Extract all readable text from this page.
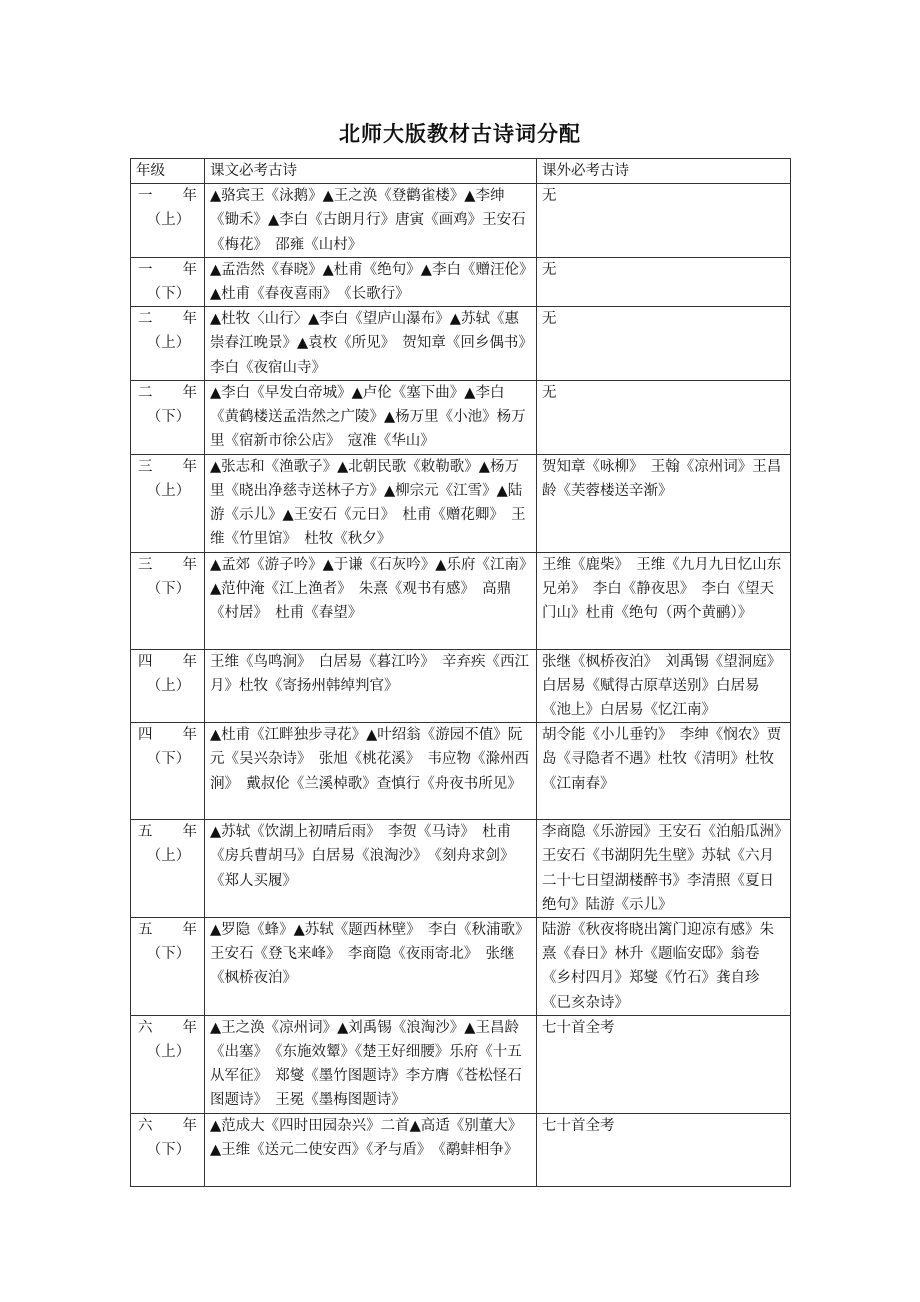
北师大版教材古诗词分配
年级	课文必考古诗	课外必考古诗

一　年
（上）	▲骆宾王《泳鹅》▲王之涣《登鹳雀楼》▲李绅《锄禾》▲李白《古朗月行》唐寅《画鸡》王安石《梅花》　邵雍《山村》	无

一　年
（下）	▲孟浩然《春晓》▲杜甫《绝句》▲李白《赠汪伦》▲杜甫《春夜喜雨》　《长歌行》	无

二　年
（上）	▲杜牧〈山行〉▲李白《望庐山瀑布》▲苏轼《惠崇春江晚景》▲袁枚《所见》　贺知章《回乡偶书》　李白《夜宿山寺》	无

二　年
（下）	▲李白《早发白帝城》▲卢伦《塞下曲》▲李白《黄鹤楼送孟浩然之广陵》▲杨万里《小池》杨万里《宿新市徐公店》　寇准《华山》	无

三　年
（上）	▲张志和《渔歌子》▲北朝民歌《敕勒歌》▲杨万里《晓出净慈寺送林子方》▲柳宗元《江雪》▲陆游《示儿》▲王安石《元日》　杜甫《赠花卿》　王维《竹里馆》　杜牧《秋夕》	贺知章《咏柳》　王翰《凉州词》王昌龄《芙蓉楼送辛渐》

三　年
（下）	▲孟郊《游子吟》▲于谦《石灰吟》▲乐府《江南》▲范仲淹《江上渔者》　朱熹《观书有感》　高鼎《村居》　杜甫《春望》	王维《鹿柴》　王维《九月九日忆山东兄弟》　李白《静夜思》　李白《望天门山》杜甫《绝句（两个黄鹂）》

四　年
（上）	王维《鸟鸣涧》　白居易《暮江吟》　辛弃疾《西江月》杜牧《寄扬州韩绰判官》	张继《枫桥夜泊》　刘禹锡《望洞庭》　白居易《赋得古原草送别》白居易《池上》白居易《忆江南》

四　年
（下）	▲杜甫《江畔独步寻花》▲叶绍翁《游园不值》阮元《吴兴杂诗》　张旭《桃花溪》　韦应物《滁州西涧》　戴叔伦《兰溪棹歌》查慎行《舟夜书所见》	胡令能《小儿垂钓》　李绅《悯农》贾岛《寻隐者不遇》杜牧《清明》杜牧《江南春》

五　年
（上）	▲苏轼《饮湖上初晴后雨》　李贺《马诗》　杜甫《房兵曹胡马》白居易《浪淘沙》　《刻舟求剑》　《郑人买履》	李商隐《乐游园》王安石《泊船瓜洲》王安石《书湖阴先生壁》苏轼《六月二十七日望湖楼醉书》李清照《夏日绝句》陆游《示儿》

五　年
（下）	▲罗隐《蜂》▲苏轼《题西林壁》　李白《秋浦歌》　王安石《登飞来峰》　李商隐《夜雨寄北》　张继《枫桥夜泊》	陆游《秋夜将晓出篱门迎凉有感》朱熹《春日》林升《题临安邸》翁卷《乡村四月》郑燮《竹石》龚自珍《已亥杂诗》

六　年
（上）	▲王之涣《凉州词》▲刘禹锡《浪淘沙》▲王昌龄《出塞》　《东施效颦》《楚王好细腰》乐府《十五从军征》　郑燮《墨竹图题诗》李方膺《苍松怪石图题诗》　王冕《墨梅图题诗》	七十首全考

六　年
（下）	▲范成大《四时田园杂兴》二首▲高适《别董大》▲王维《送元二使安西》《矛与盾》　《鹬蚌相争》	七十首全考
